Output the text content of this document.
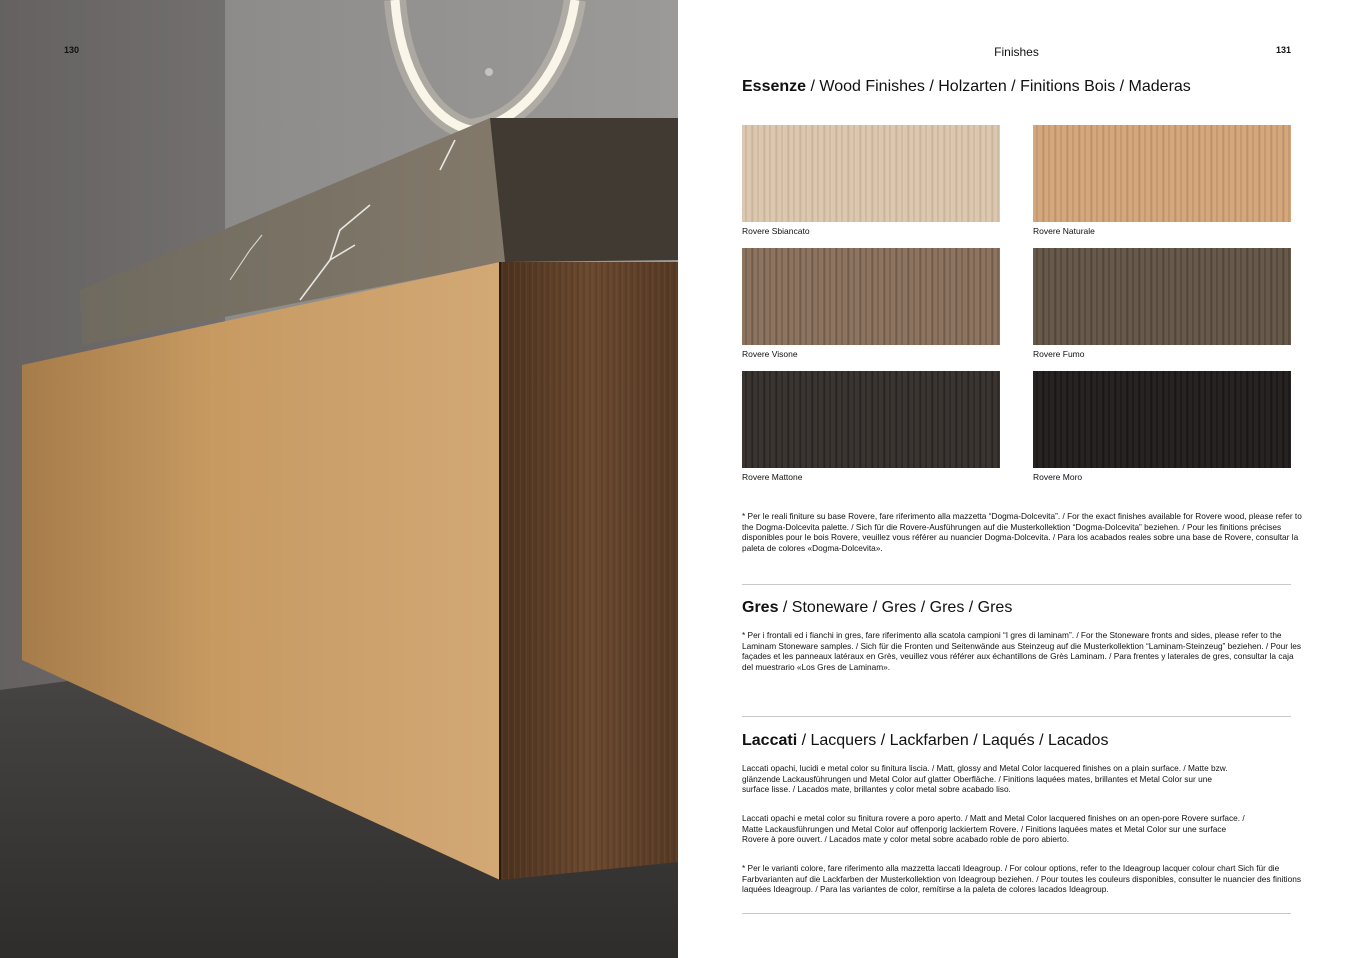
130	Finishes	131
Essenze / Wood Finishes / Holzarten / Finitions Bois / Maderas
Rovere Sbiancato	Rovere Naturale
Rovere Visone	Rovere Fumo
Rovere Mattone	Rovere Moro
* Per le reali finiture su base Rovere, fare riferimento alla mazzetta “Dogma-Dolcevita”. / For the exact finishes available for Rovere wood, please refer to the Dogma-Dolcevita palette. / Sich für die Rovere-Ausführungen auf die Musterkollektion “Dogma-Dolcevita” beziehen. / Pour les finitions précises disponibles pour le bois Rovere, veuillez vous référer au nuancier Dogma-Dolcevita. / Para los acabados reales sobre una base de Rovere, consultar la paleta de colores «Dogma-Dolcevita».
Gres / Stoneware / Gres / Gres / Gres
* Per i frontali ed i fianchi in gres, fare riferimento alla scatola campioni “I gres di laminam”. / For the Stoneware fronts and sides, please refer to the Laminam Stoneware samples. / Sich für die Fronten und Seitenwände aus Steinzeug auf die Musterkollektion “Laminam-Steinzeug” beziehen. / Pour les façades et les panneaux latéraux en Grès, veuillez vous référer aux échantillons de Grès Laminam. / Para frentes y laterales de gres, consultar la caja del muestrario «Los Gres de Laminam».
Laccati / Lacquers / Lackfarben / Laqués / Lacados
Laccati opachi, lucidi e metal color su finitura liscia. / Matt, glossy and Metal Color lacquered finishes on a plain surface. / Matte bzw. glänzende Lackausführungen und Metal Color auf glatter Oberfläche. / Finitions laquées mates, brillantes et Metal Color sur une surface lisse. / Lacados mate, brillantes y color metal sobre acabado liso.
Laccati opachi e metal color su finitura rovere a poro aperto. / Matt and Metal Color lacquered finishes on an open-pore Rovere surface. / Matte Lackausführungen und Metal Color auf offenporig lackiertem Rovere. / Finitions laquées mates et Metal Color sur une surface Rovere à pore ouvert. / Lacados mate y color metal sobre acabado roble de poro abierto.
* Per le varianti colore, fare riferimento alla mazzetta laccati Ideagroup. / For colour options, refer to the Ideagroup lacquer colour chart Sich für die Farbvarianten auf die Lackfarben der Musterkollektion von Ideagroup beziehen. / Pour toutes les couleurs disponibles, consulter le nuancier des finitions laquées Ideagroup. / Para las variantes de color, remítirse a la paleta de colores lacados Ideagroup.
